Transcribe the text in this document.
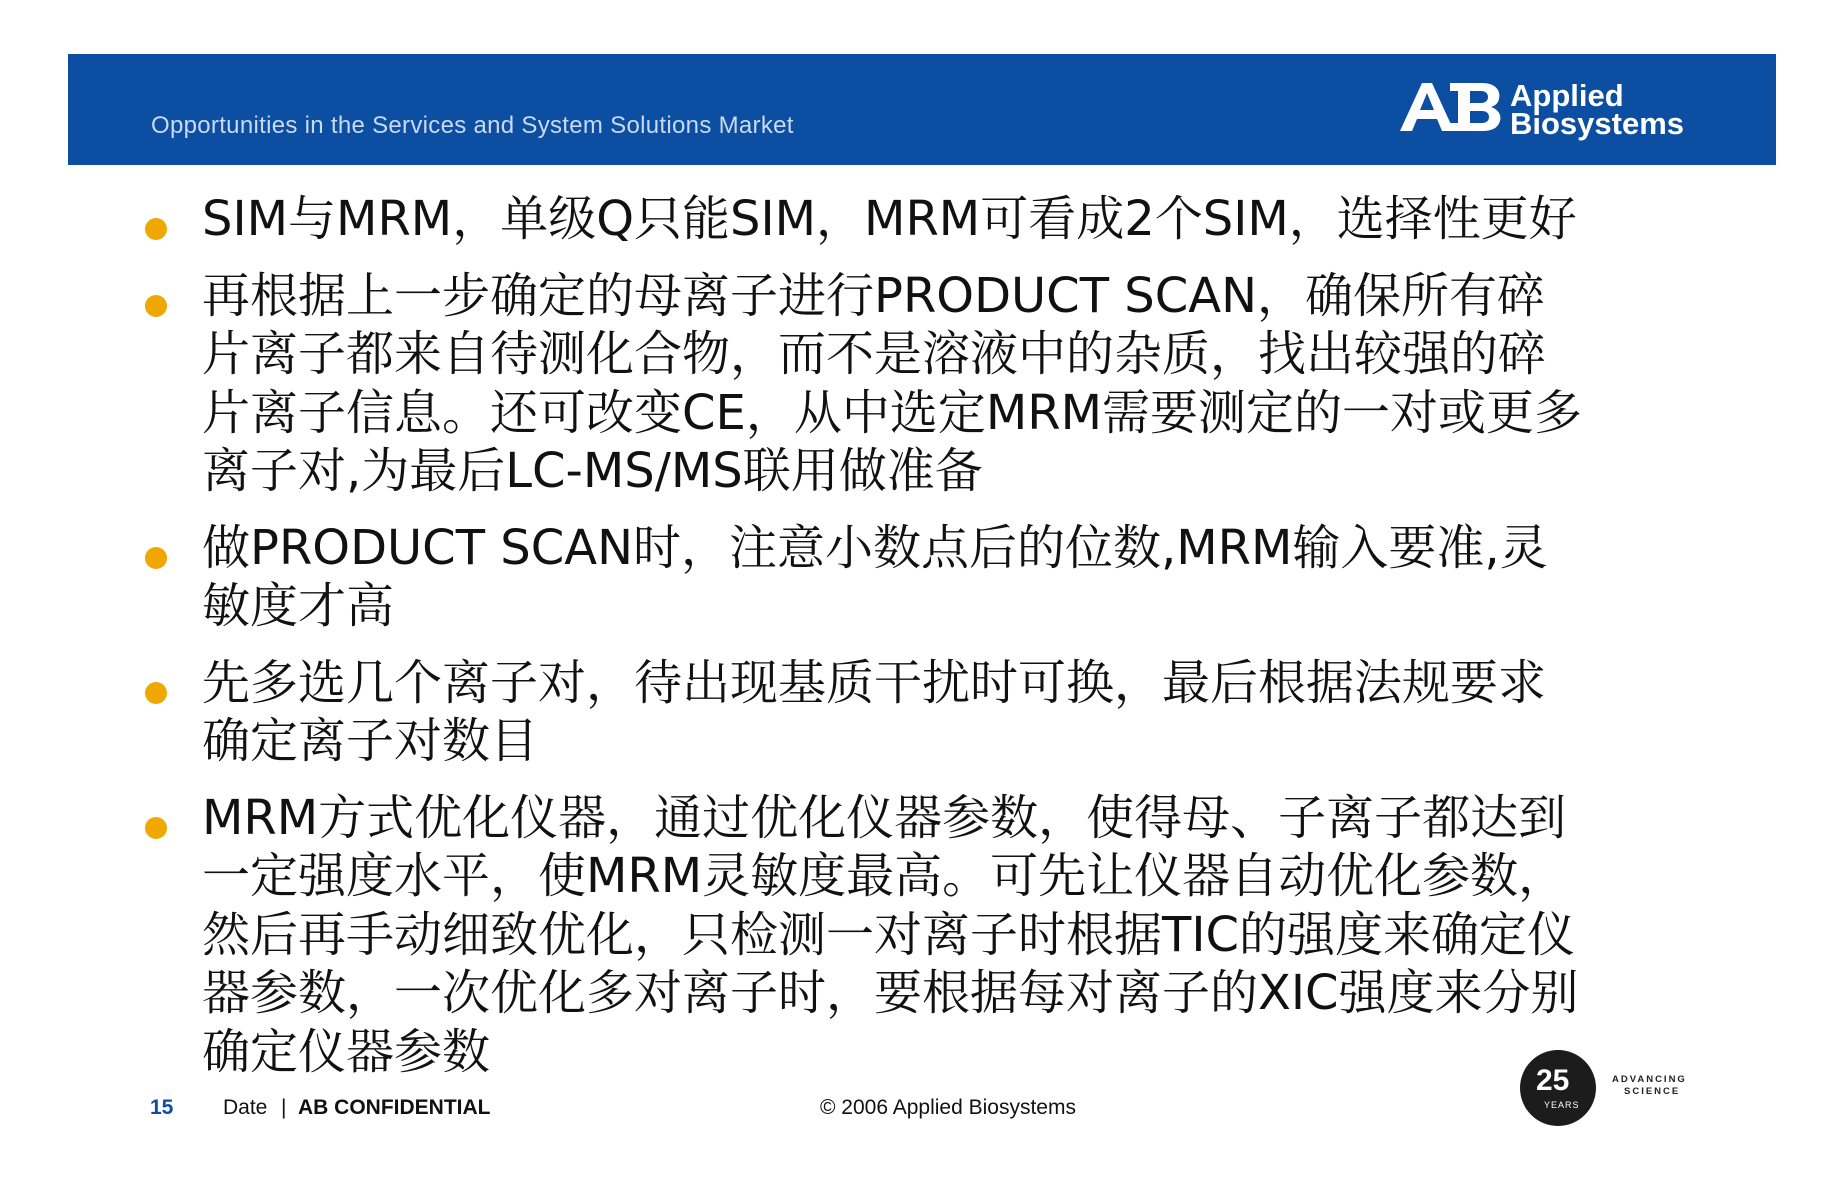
Opportunities in the Services and System Solutions Market
Applied
Biosystems
SIM与MRM，单级Q只能SIM，MRM可看成2个SIM，选择性更好
再根据上一步确定的母离子进行PRODUCT SCAN，确保所有碎
片离子都来自待测化合物，而不是溶液中的杂质，找出较强的碎
片离子信息。还可改变CE，从中选定MRM需要测定的一对或更多
离子对,为最后LC-MS/MS联用做准备
做PRODUCT SCAN时，注意小数点后的位数,MRM输入要准,灵
敏度才高
先多选几个离子对，待出现基质干扰时可换，最后根据法规要求
确定离子对数目
MRM方式优化仪器，通过优化仪器参数，使得母、子离子都达到
一定强度水平，使MRM灵敏度最高。可先让仪器自动优化参数，
然后再手动细致优化，只检测一对离子时根据TIC的强度来确定仪
器参数，一次优化多对离子时，要根据每对离子的XIC强度来分别
确定仪器参数
15 Date | AB CONFIDENTIAL	© 2006 Applied Biosystems
25
YEARS
ADVANCING
SCIENCE
